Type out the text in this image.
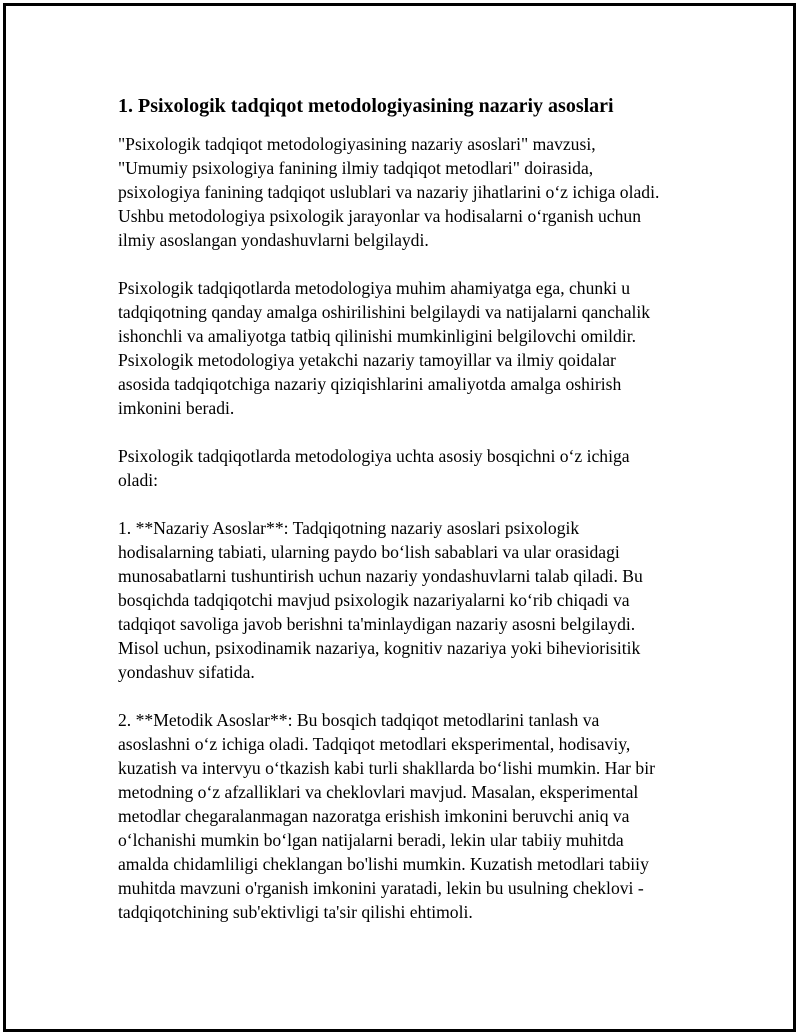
1. Psixologik tadqiqot metodologiyasining nazariy asoslari
"Psixologik tadqiqot metodologiyasining nazariy asoslari" mavzusi,
"Umumiy psixologiya fanining ilmiy tadqiqot metodlari" doirasida,
psixologiya fanining tadqiqot uslublari va nazariy jihatlarini o‘z ichiga oladi.
Ushbu metodologiya psixologik jarayonlar va hodisalarni o‘rganish uchun
ilmiy asoslangan yondashuvlarni belgilaydi.
Psixologik tadqiqotlarda metodologiya muhim ahamiyatga ega, chunki u
tadqiqotning qanday amalga oshirilishini belgilaydi va natijalarni qanchalik
ishonchli va amaliyotga tatbiq qilinishi mumkinligini belgilovchi omildir.
Psixologik metodologiya yetakchi nazariy tamoyillar va ilmiy qoidalar
asosida tadqiqotchiga nazariy qiziqishlarini amaliyotda amalga oshirish
imkonini beradi.
Psixologik tadqiqotlarda metodologiya uchta asosiy bosqichni o‘z ichiga
oladi:
1. **Nazariy Asoslar**: Tadqiqotning nazariy asoslari psixologik
hodisalarning tabiati, ularning paydo bo‘lish sabablari va ular orasidagi
munosabatlarni tushuntirish uchun nazariy yondashuvlarni talab qiladi. Bu
bosqichda tadqiqotchi mavjud psixologik nazariyalarni ko‘rib chiqadi va
tadqiqot savoliga javob berishni ta'minlaydigan nazariy asosni belgilaydi.
Misol uchun, psixodinamik nazariya, kognitiv nazariya yoki biheviorisitik
yondashuv sifatida.
2. **Metodik Asoslar**: Bu bosqich tadqiqot metodlarini tanlash va
asoslashni o‘z ichiga oladi. Tadqiqot metodlari eksperimental, hodisaviy,
kuzatish va intervyu o‘tkazish kabi turli shakllarda bo‘lishi mumkin. Har bir
metodning o‘z afzalliklari va cheklovlari mavjud. Masalan, eksperimental
metodlar chegaralanmagan nazoratga erishish imkonini beruvchi aniq va
o‘lchanishi mumkin bo‘lgan natijalarni beradi, lekin ular tabiiy muhitda
amalda chidamliligi cheklangan bo'lishi mumkin. Kuzatish metodlari tabiiy
muhitda mavzuni o'rganish imkonini yaratadi, lekin bu usulning cheklovi -
tadqiqotchining sub'ektivligi ta'sir qilishi ehtimoli.
